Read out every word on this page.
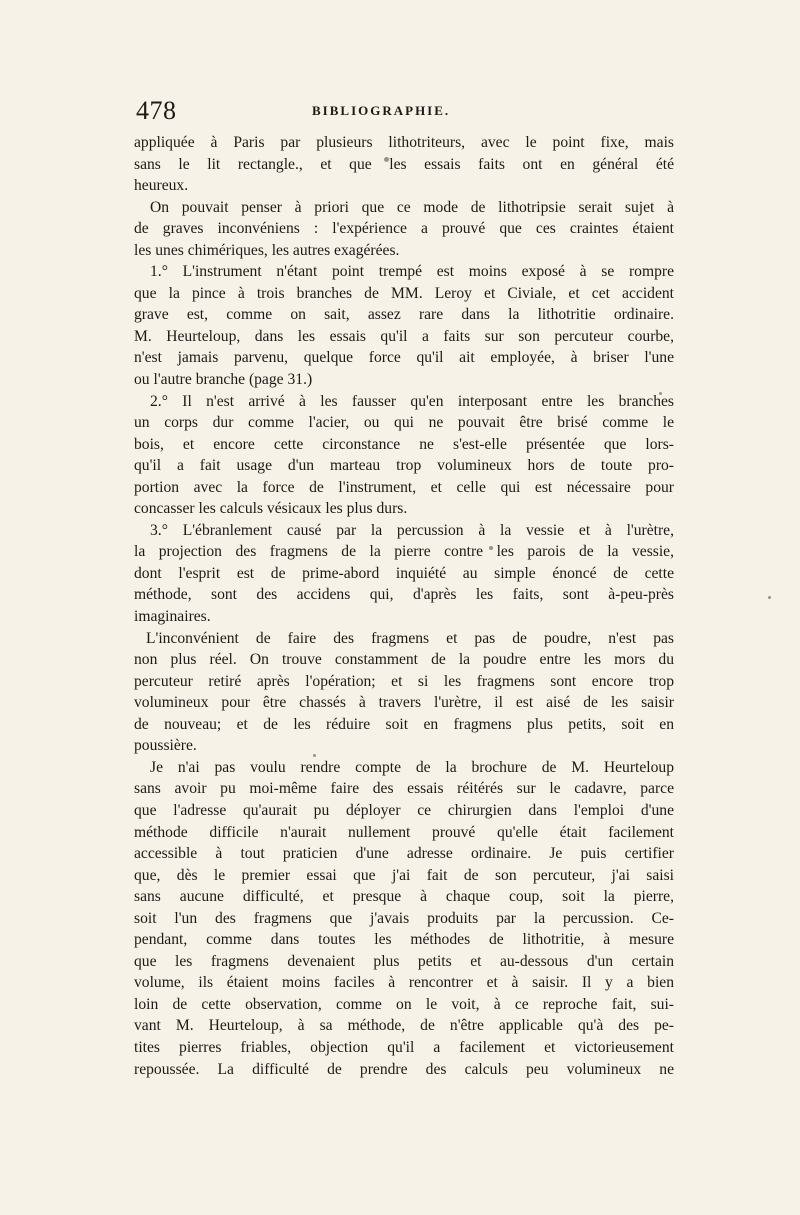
478	BIBLIOGRAPHIE.
appliquée à Paris par plusieurs lithotriteurs, avec le point fixe, mais
sans le lit rectangle., et que les essais faits ont en général été
heureux.
On pouvait penser à priori que ce mode de lithotripsie serait sujet à
de graves inconvéniens : l'expérience a prouvé que ces craintes étaient
les unes chimériques, les autres exagérées.
1.° L'instrument n'étant point trempé est moins exposé à se rompre
que la pince à trois branches de MM. Leroy et Civiale, et cet accident
grave est, comme on sait, assez rare dans la lithotritie ordinaire.
M. Heurteloup, dans les essais qu'il a faits sur son percuteur courbe,
n'est jamais parvenu, quelque force qu'il ait employée, à briser l'une
ou l'autre branche (page 31.)
2.° Il n'est arrivé à les fausser qu'en interposant entre les branches
un corps dur comme l'acier, ou qui ne pouvait être brisé comme le
bois, et encore cette circonstance ne s'est-elle présentée que lors-
qu'il a fait usage d'un marteau trop volumineux hors de toute pro-
portion avec la force de l'instrument, et celle qui est nécessaire pour
concasser les calculs vésicaux les plus durs.
3.° L'ébranlement causé par la percussion à la vessie et à l'urètre,
la projection des fragmens de la pierre contre les parois de la vessie,
dont l'esprit est de prime-abord inquiété au simple énoncé de cette
méthode, sont des accidens qui, d'après les faits, sont à-peu-près
imaginaires.
L'inconvénient de faire des fragmens et pas de poudre, n'est pas
non plus réel. On trouve constamment de la poudre entre les mors du
percuteur retiré après l'opération; et si les fragmens sont encore trop
volumineux pour être chassés à travers l'urètre, il est aisé de les saisir
de nouveau; et de les réduire soit en fragmens plus petits, soit en
poussière.
Je n'ai pas voulu rendre compte de la brochure de M. Heurteloup
sans avoir pu moi-même faire des essais réitérés sur le cadavre, parce
que l'adresse qu'aurait pu déployer ce chirurgien dans l'emploi d'une
méthode difficile n'aurait nullement prouvé qu'elle était facilement
accessible à tout praticien d'une adresse ordinaire. Je puis certifier
que, dès le premier essai que j'ai fait de son percuteur, j'ai saisi
sans aucune difficulté, et presque à chaque coup, soit la pierre,
soit l'un des fragmens que j'avais produits par la percussion. Ce-
pendant, comme dans toutes les méthodes de lithotritie, à mesure
que les fragmens devenaient plus petits et au-dessous d'un certain
volume, ils étaient moins faciles à rencontrer et à saisir. Il y a bien
loin de cette observation, comme on le voit, à ce reproche fait, sui-
vant M. Heurteloup, à sa méthode, de n'être applicable qu'à des pe-
tites pierres friables, objection qu'il a facilement et victorieusement
repoussée. La difficulté de prendre des calculs peu volumineux ne
